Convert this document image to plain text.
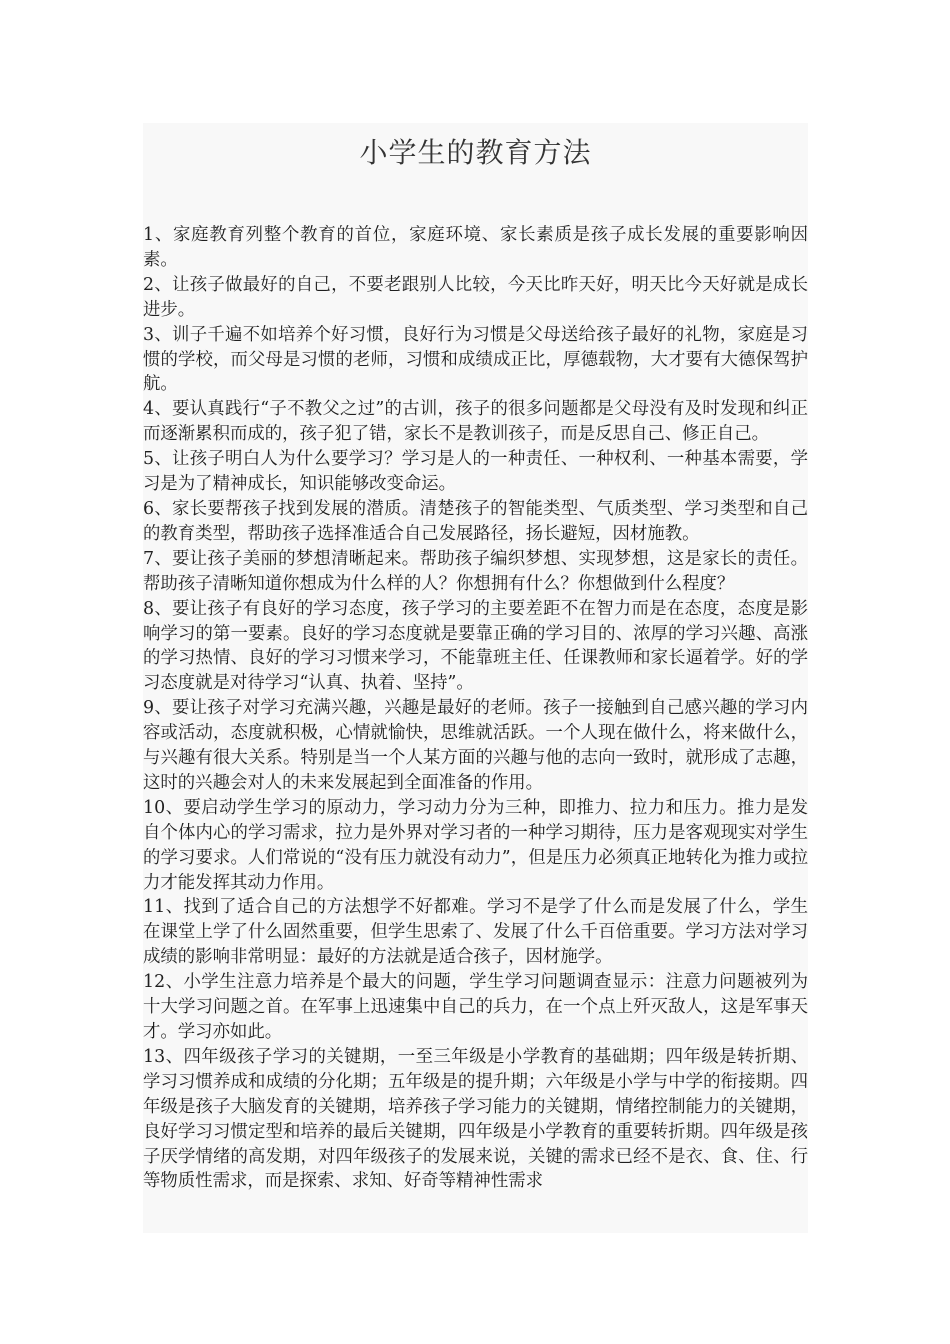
小学生的教育方法

1、家庭教育列整个教育的首位，家庭环境、家长素质是孩子成长发展的重要影响因素。

2、让孩子做最好的自己，不要老跟别人比较，今天比昨天好，明天比今天好就是成长进步。

3、训子千遍不如培养个好习惯，良好行为习惯是父母送给孩子最好的礼物，家庭是习惯的学校，而父母是习惯的老师，习惯和成绩成正比，厚德载物，大才要有大德保驾护航。

4、要认真践行“子不教父之过”的古训，孩子的很多问题都是父母没有及时发现和纠正而逐渐累积而成的，孩子犯了错，家长不是教训孩子，而是反思自己、修正自己。

5、让孩子明白人为什么要学习？学习是人的一种责任、一种权利、一种基本需要，学习是为了精神成长，知识能够改变命运。

6、家长要帮孩子找到发展的潜质。清楚孩子的智能类型、气质类型、学习类型和自己的教育类型，帮助孩子选择准适合自己发展路径，扬长避短，因材施教。

7、要让孩子美丽的梦想清晰起来。帮助孩子编织梦想、实现梦想，这是家长的责任。帮助孩子清晰知道你想成为什么样的人？你想拥有什么？你想做到什么程度？

8、要让孩子有良好的学习态度，孩子学习的主要差距不在智力而是在态度，态度是影响学习的第一要素。良好的学习态度就是要靠正确的学习目的、浓厚的学习兴趣、高涨的学习热情、良好的学习习惯来学习，不能靠班主任、任课教师和家长逼着学。好的学习态度就是对待学习“认真、执着、坚持”。

9、要让孩子对学习充满兴趣，兴趣是最好的老师。孩子一接触到自己感兴趣的学习内容或活动，态度就积极，心情就愉快，思维就活跃。一个人现在做什么，将来做什么，与兴趣有很大关系。特别是当一个人某方面的兴趣与他的志向一致时，就形成了志趣，这时的兴趣会对人的未来发展起到全面准备的作用。

10、要启动学生学习的原动力，学习动力分为三种，即推力、拉力和压力。推力是发自个体内心的学习需求，拉力是外界对学习者的一种学习期待，压力是客观现实对学生的学习要求。人们常说的“没有压力就没有动力”，但是压力必须真正地转化为推力或拉力才能发挥其动力作用。

11、找到了适合自己的方法想学不好都难。学习不是学了什么而是发展了什么，学生在课堂上学了什么固然重要，但学生思索了、发展了什么千百倍重要。学习方法对学习成绩的影响非常明显：最好的方法就是适合孩子，因材施学。

12、小学生注意力培养是个最大的问题，学生学习问题调查显示：注意力问题被列为十大学习问题之首。在军事上迅速集中自己的兵力，在一个点上歼灭敌人，这是军事天才。学习亦如此。

13、四年级孩子学习的关键期，一至三年级是小学教育的基础期；四年级是转折期、学习习惯养成和成绩的分化期；五年级是的提升期；六年级是小学与中学的衔接期。四年级是孩子大脑发育的关键期，培养孩子学习能力的关键期，情绪控制能力的关键期，良好学习习惯定型和培养的最后关键期，四年级是小学教育的重要转折期。四年级是孩子厌学情绪的高发期，对四年级孩子的发展来说，关键的需求已经不是衣、食、住、行等物质性需求，而是探索、求知、好奇等精神性需求
